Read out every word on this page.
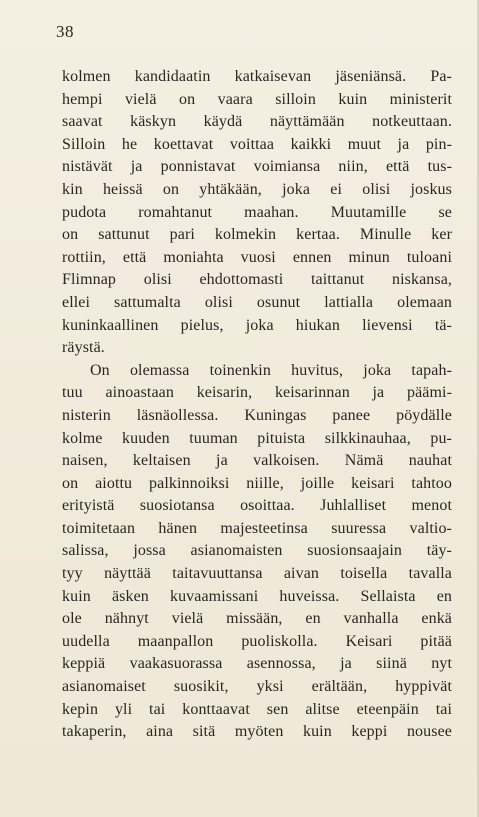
38
kolmen kandidaatin katkaisevan jäseniänsä. Pa-
hempi vielä on vaara silloin kuin ministerit
saavat käskyn käydä näyttämään notkeuttaan.
Silloin he koettavat voittaa kaikki muut ja pin-
nistävät ja ponnistavat voimiansa niin, että tus-
kin heissä on yhtäkään, joka ei olisi joskus
pudota romahtanut maahan. Muutamille se
on sattunut pari kolmekin kertaa. Minulle ker
rottiin, että moniahta vuosi ennen minun tuloani
Flimnap olisi ehdottomasti taittanut niskansa,
ellei sattumalta olisi osunut lattialla olemaan
kuninkaallinen pielus, joka hiukan lievensi tä-
räystä.
On olemassa toinenkin huvitus, joka tapah-
tuu ainoastaan keisarin, keisarinnan ja päämi-
nisterin läsnäollessa. Kuningas panee pöydälle
kolme kuuden tuuman pituista silkkinauhaa, pu-
naisen, keltaisen ja valkoisen. Nämä nauhat
on aiottu palkinnoiksi niille, joille keisari tahtoo
erityistä suosiotansa osoittaa. Juhlalliset menot
toimitetaan hänen majesteetinsa suuressa valtio-
salissa, jossa asianomaisten suosionsaajain täy-
tyy näyttää taitavuuttansa aivan toisella tavalla
kuin äsken kuvaamissani huveissa. Sellaista en
ole nähnyt vielä missään, en vanhalla enkä
uudella maanpallon puoliskolla. Keisari pitää
keppiä vaakasuorassa asennossa, ja siinä nyt
asianomaiset suosikit, yksi erältään, hyppivät
kepin yli tai konttaavat sen alitse eteenpäin tai
takaperin, aina sitä myöten kuin keppi nousee
